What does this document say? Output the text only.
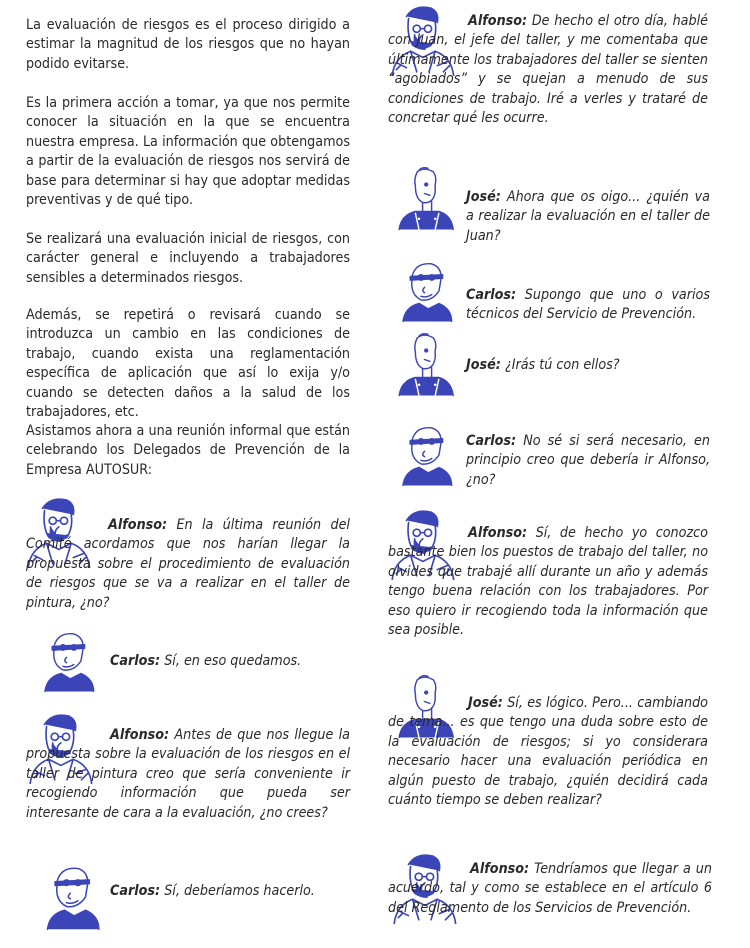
La evaluación de riesgos es el proceso dirigido a estimar la magnitud de los riesgos que no hayan podido evitarse.

Es la primera acción a tomar, ya que nos permite conocer la situación en la que se encuentra nuestra empresa. La información que obtengamos a partir de la evaluación de riesgos nos servirá de base para determinar si hay que adoptar medidas preventivas y de qué tipo.

Se realizará una evaluación inicial de riesgos, con carácter general e incluyendo a trabajadores sensibles a determinados riesgos.

Además, se repetirá o revisará cuando se introduzca un cambio en las condiciones de trabajo, cuando exista una reglamentación específica de aplicación que así lo exija y/o cuando se detecten daños a la salud de los trabajadores, etc.

Asistamos ahora a una reunión informal que están celebrando los Delegados de Prevención de la Empresa AUTOSUR:

Alfonso: En la última reunión del Comité acordamos que nos harían llegar la propuesta sobre el procedimiento de evaluación de riesgos que se va a realizar en el taller de pintura, ¿no?

Carlos: Sí, en eso quedamos.

Alfonso: Antes de que nos llegue la propuesta sobre la evaluación de los riesgos en el taller de pintura creo que sería conveniente ir recogiendo información que pueda ser interesante de cara a la evaluación, ¿no crees?

Carlos: Sí, deberíamos hacerlo.

Alfonso: De hecho el otro día, hablé con Juan, el jefe del taller, y me comentaba que últimamente los trabajadores del taller se sienten “agobiados” y se quejan a menudo de sus condiciones de trabajo. Iré a verles y trataré de concretar qué les ocurre.

José: Ahora que os oigo... ¿quién va a realizar la evaluación en el taller de Juan?

Carlos: Supongo que uno o varios técnicos del Servicio de Prevención.

José: ¿Irás tú con ellos?

Carlos: No sé si será necesario, en principio creo que debería ir Alfonso, ¿no?

Alfonso: Sí, de hecho yo conozco bastante bien los puestos de trabajo del taller, no olvides que trabajé allí durante un año y además tengo buena relación con los trabajadores. Por eso quiero ir recogiendo toda la información que sea posible.

José: Sí, es lógico. Pero... cambiando de tema... es que tengo una duda sobre esto de la evaluación de riesgos; si yo considerara necesario hacer una evaluación periódica en algún puesto de trabajo, ¿quién decidirá cada cuánto tiempo se deben realizar?

Alfonso: Tendríamos que llegar a un acuerdo, tal y como se establece en el artículo 6 del Reglamento de los Servicios de Prevención.
